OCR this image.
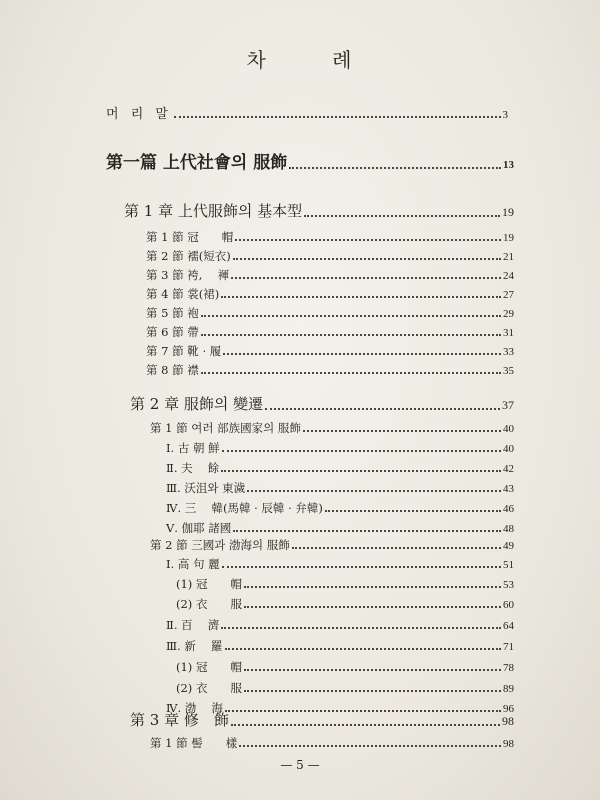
차	례
머 리 말	3
第一篇 上代社會의 服飾	13
第 1 章 上代服飾의 基本型	19
第 1 節 冠　　帽	19
第 2 節 襦(短衣)	21
第 3 節 袴,　 褌	24
第 4 節 裳(裙)	27
第 5 節 袍	29
第 6 節 帶	31
第 7 節 靴 · 履	33
第 8 節 襟	35
第 2 章 服飾의 變遷	37
第 1 節 여러 部族國家의 服飾	40
Ⅰ. 古 朝 鮮	40
Ⅱ. 夫　 餘	42
Ⅲ. 沃沮와 東濊	43
Ⅳ. 三　 韓(馬韓 · 辰韓 · 弁韓)	46
Ⅴ. 伽耶 諸國	48
第 2 節 三國과 渤海의 服飾	49
Ⅰ. 高 句 麗	51
(1) 冠　　帽	53
(2) 衣　　服	60
Ⅱ. 百　 濟	64
Ⅲ. 新　 羅	71
(1) 冠　　帽	78
(2) 衣　　服	89
Ⅳ. 渤　 海	96
第 3 章 修　飾	98
第 1 節 髻　　樣	98
— 5 —
